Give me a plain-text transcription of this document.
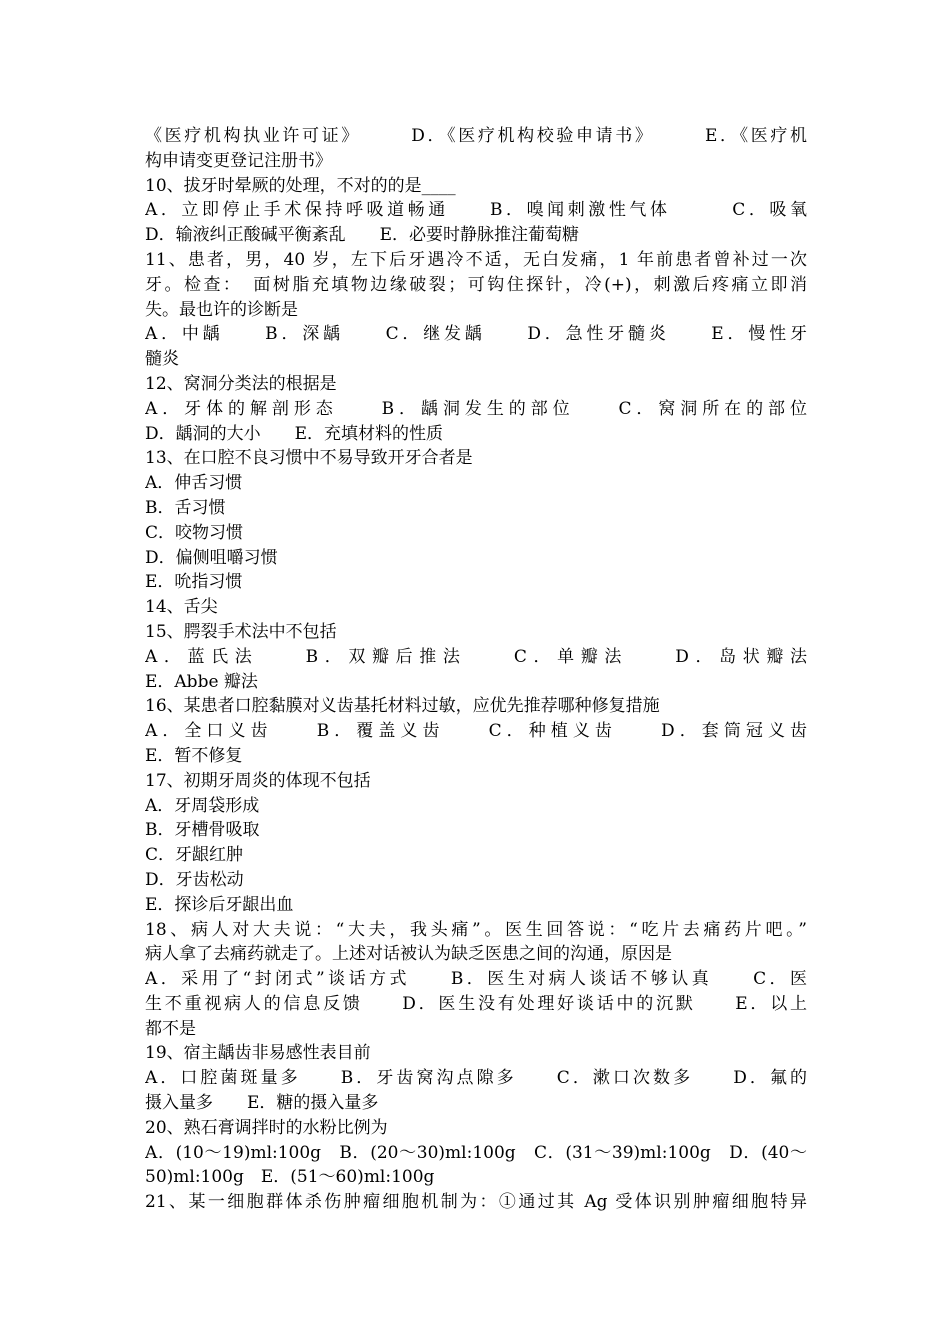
《医疗机构执业许可证》　　　D．《医疗机构校验申请书》　　　E．《医疗机
构申请变更登记注册书》
10、拔牙时晕厥的处理，不对的的是____
A．立即停止手术保持呼吸道畅通　　B．嗅闻刺激性气体　　　C．吸氧
D．输液纠正酸碱平衡紊乱　　E．必要时静脉推注葡萄糖
11、患者，男，40 岁，左下后牙遇冷不适，无白发痛，1 年前患者曾补过一次
牙。检查：　面树脂充填物边缘破裂；可钩住探针，冷(+)，刺激后疼痛立即消
失。最也许的诊断是
A．中龋　　B．深龋　　C．继发龋　　D．急性牙髓炎　　E．慢性牙
髓炎
12、窝洞分类法的根据是
A．牙体的解剖形态　　B．龋洞发生的部位　　C．窝洞所在的部位
D．龋洞的大小　　E．充填材料的性质
13、在口腔不良习惯中不易导致开牙合者是
A．伸舌习惯
B．舌习惯
C．咬物习惯
D．偏侧咀嚼习惯
E．吮指习惯
14、舌尖
15、腭裂手术法中不包括
A．蓝氏法　　B．双瓣后推法　　C．单瓣法　　D．岛状瓣法
E．Abbe 瓣法
16、某患者口腔黏膜对义齿基托材料过敏，应优先推荐哪种修复措施
A．全口义齿　　B．覆盖义齿　　C．种植义齿　　D．套筒冠义齿
E．暂不修复
17、初期牙周炎的体现不包括
A．牙周袋形成
B．牙槽骨吸取
C．牙龈红肿
D．牙齿松动
E．探诊后牙龈出血
18、病人对大夫说：“大夫，我头痛”。医生回答说：“吃片去痛药片吧。”
病人拿了去痛药就走了。上述对话被认为缺乏医患之间的沟通，原因是
A．采用了“封闭式”谈话方式　　B．医生对病人谈话不够认真　　C．医
生不重视病人的信息反馈　　D．医生没有处理好谈话中的沉默　　E．以上
都不是
19、宿主龋齿非易感性表目前
A．口腔菌斑量多　　B．牙齿窝沟点隙多　　C．漱口次数多　　D．氟的
摄入量多　　E．糖的摄入量多
20、熟石膏调拌时的水粉比例为
A．(10～19)ml:100g　B．(20～30)ml:100g　C．(31～39)ml:100g　D．(40～
50)ml:100g　E．(51～60)ml:100g
21、某一细胞群体杀伤肿瘤细胞机制为：①通过其 Ag 受体识别肿瘤细胞特异
